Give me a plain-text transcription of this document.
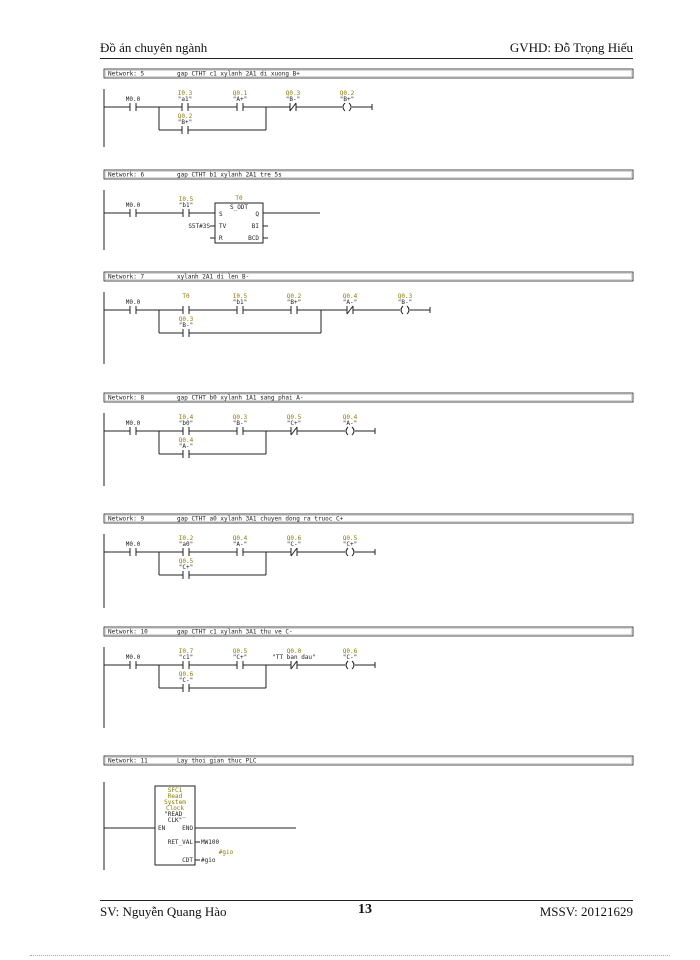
Đồ án chuyên ngành	GVHD: Đỗ Trọng Hiếu
Network: 5	gap CTHT c1 xylanh 2A1 di xuong B+
M0.0
I0.3
"a1"
Q0.1
"A+"
Q0.3
"B-"
Q0.2
"B+"
Q0.2
"B+"
Network: 7	xylanh 2A1 di len B-
M0.0
T0	I0.5
"b1"
Q0.2
"B+"
Q0.4
"A-"
Q0.3
"B-"
Q0.3
"B-"
Network: 8	gap CTHT b0 xylanh 1A1 sang phai A-
M0.0
I0.4
"b0"
Q0.3
"B-"
Q0.5
"C+"
Q0.4
"A-"
Q0.4
"A-"
Network: 9	gap CTHT a0 xylanh 3A1 chuyen dong ra truoc C+
M0.0
I0.2
"a0"
Q0.4
"A-"
Q0.6
"C-"
Q0.5
"C+"
Q0.5
"C+"
Network: 10	gap CTHT c1 xylanh 3A1 thu ve C-
M0.0
I0.7
"c1"
Q0.5
"C+"
Q0.0
"TT ban dau"
Q0.6
"C-"
Q0.6
"C-"
Network: 6	gap CTHT b1 xylanh 2A1 tre 5s
M0.0
I0.5
"b1"
T0
S_ODT
S	Q
TV	BI
R	BCD
S5T#3S
Network: 11	Lay thoi gian thuc PLC
SFC1
Read
System
Clock
"READ_
CLK"
EN	ENO
RET_VAL MW100
#gio
CDT #gio
SV: Nguyễn Quang Hào	13	MSSV: 20121629
